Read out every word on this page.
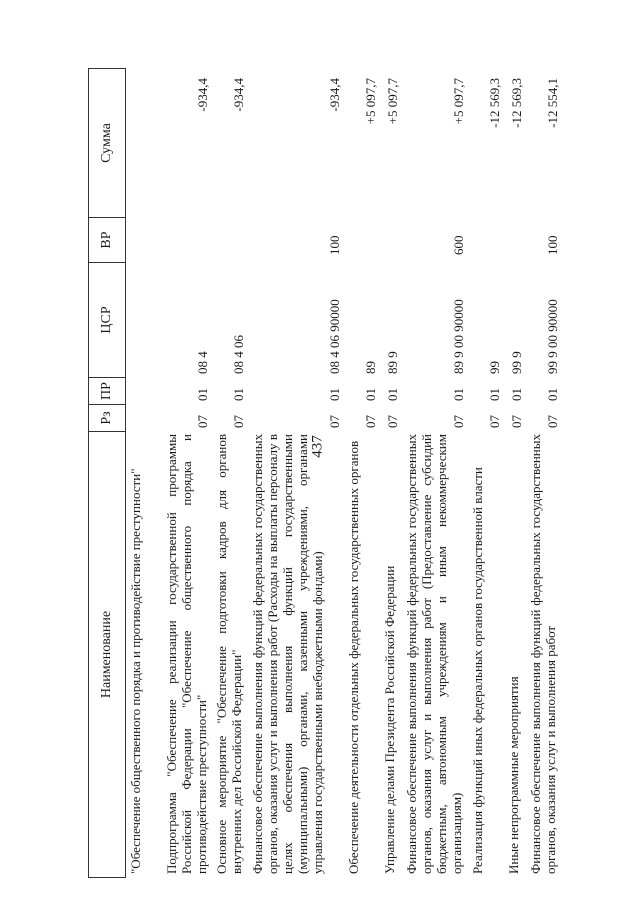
437
Наименование
Рз
ПР
ЦСР
ВР
Сумма
"Обеспечение общественного порядка и противодействие преступности" Подпрограмма "Обеспечение реализации государственной программы Российской Федерации "Обеспечение общественного порядка и противодействие преступности"
07
01
08 4
-934,4
Основное мероприятие "Обеспечение подготовки кадров для органов внутренних дел Российской Федерации"
07
01
08 4 06
-934,4
Финансовое обеспечение выполнения функций федеральных государственных органов, оказания услуг и выполнения работ (Расходы на выплаты персоналу в целях обеспечения выполнения функций государственными (муниципальными) органами, казенными учреждениями, органами управления государственными внебюджетными фондами)
07
01
08 4 06 90000
100
-934,4
Обеспечение деятельности отдельных федеральных государственных органов
07
01
89
+5 097,7
Управление делами Президента Российской Федерации
07
01
89 9
+5 097,7
Финансовое обеспечение выполнения функций федеральных государственных органов, оказания услуг и выполнения работ (Предоставление субсидий бюджетным, автономным учреждениям и иным некоммерческим организациям)
07
01
89 9 00 90000
600
+5 097,7
Реализация функций иных федеральных органов государственной власти
07
01
99
-12 569,3
Иные непрограммные мероприятия
07
01
99 9
-12 569,3
Финансовое обеспечение выполнения функций федеральных государственных органов, оказания услуг и выполнения работ
07
01
99 9 00 90000
100
-12 554,1
